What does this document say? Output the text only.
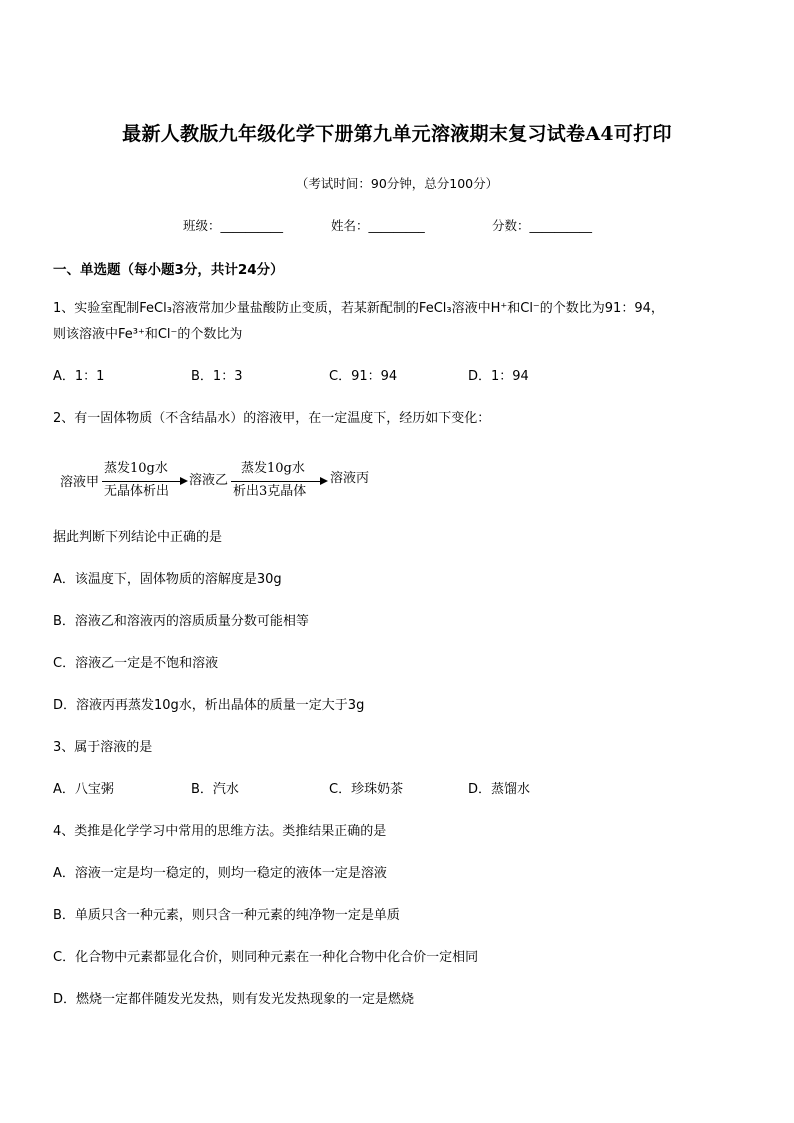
最新人教版九年级化学下册第九单元溶液期末复习试卷A4可打印
（考试时间：90分钟，总分100分）
班级：__________	姓名：_________	分数：__________
一、单选题（每小题3分，共计24分）
1、实验室配制FeCl₃溶液常加少量盐酸防止变质，若某新配制的FeCl₃溶液中H⁺和Cl⁻的个数比为91：94，
则该溶液中Fe³⁺和Cl⁻的个数比为
A．1：1	B．1：3	C．91：94	D．1：94
2、有一固体物质（不含结晶水）的溶液甲，在一定温度下，经历如下变化：
溶液甲
蒸发10g水
无晶体析出
溶液乙
蒸发10g水
析出3克晶体
溶液丙
据此判断下列结论中正确的是
A．该温度下，固体物质的溶解度是30g
B．溶液乙和溶液丙的溶质质量分数可能相等
C．溶液乙一定是不饱和溶液
D．溶液丙再蒸发10g水，析出晶体的质量一定大于3g
3、属于溶液的是
A．八宝粥	B．汽水	C．珍珠奶茶	D．蒸馏水
4、类推是化学学习中常用的思维方法。类推结果正确的是
A．溶液一定是均一稳定的，则均一稳定的液体一定是溶液
B．单质只含一种元素，则只含一种元素的纯净物一定是单质
C．化合物中元素都显化合价，则同种元素在一种化合物中化合价一定相同
D．燃烧一定都伴随发光发热，则有发光发热现象的一定是燃烧
